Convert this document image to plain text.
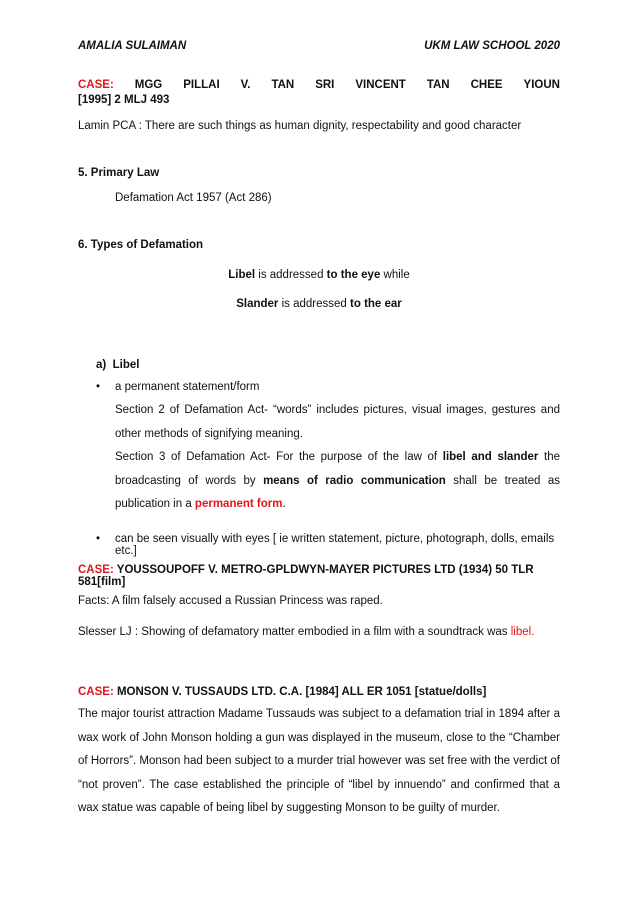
AMALIA SULAIMAN	UKM LAW SCHOOL 2020
CASE: MGG PILLAI V. TAN SRI VINCENT TAN CHEE YIOUN
[1995] 2 MLJ 493
Lamin PCA : There are such things as human dignity, respectability and good character
5. Primary Law
Defamation Act 1957 (Act 286)
6. Types of Defamation
Libel is addressed to the eye while
Slander is addressed to the ear
a)  Libel
•	a permanent statement/form
Section 2 of Defamation Act- “words” includes pictures, visual images, gestures and other methods of signifying meaning.
Section 3 of Defamation Act- For the purpose of the law of libel and slander the broadcasting of words by means of radio communication shall be treated as publication in a permanent form.
•	can be seen visually with eyes [ ie written statement, picture, photograph, dolls, emails etc.]
CASE: YOUSSOUPOFF V. METRO-GPLDWYN-MAYER PICTURES LTD (1934) 50 TLR 581[film]
Facts: A film falsely accused a Russian Princess was raped.
Slesser LJ : Showing of defamatory matter embodied in a film with a soundtrack was libel.
CASE: MONSON V. TUSSAUDS LTD. C.A. [1984] ALL ER 1051 [statue/dolls]
The major tourist attraction Madame Tussauds was subject to a defamation trial in 1894 after a wax work of John Monson holding a gun was displayed in the museum, close to the “Chamber of Horrors”. Monson had been subject to a murder trial however was set free with the verdict of “not proven”. The case established the principle of “libel by innuendo” and confirmed that a wax statue was capable of being libel by suggesting Monson to be guilty of murder.
